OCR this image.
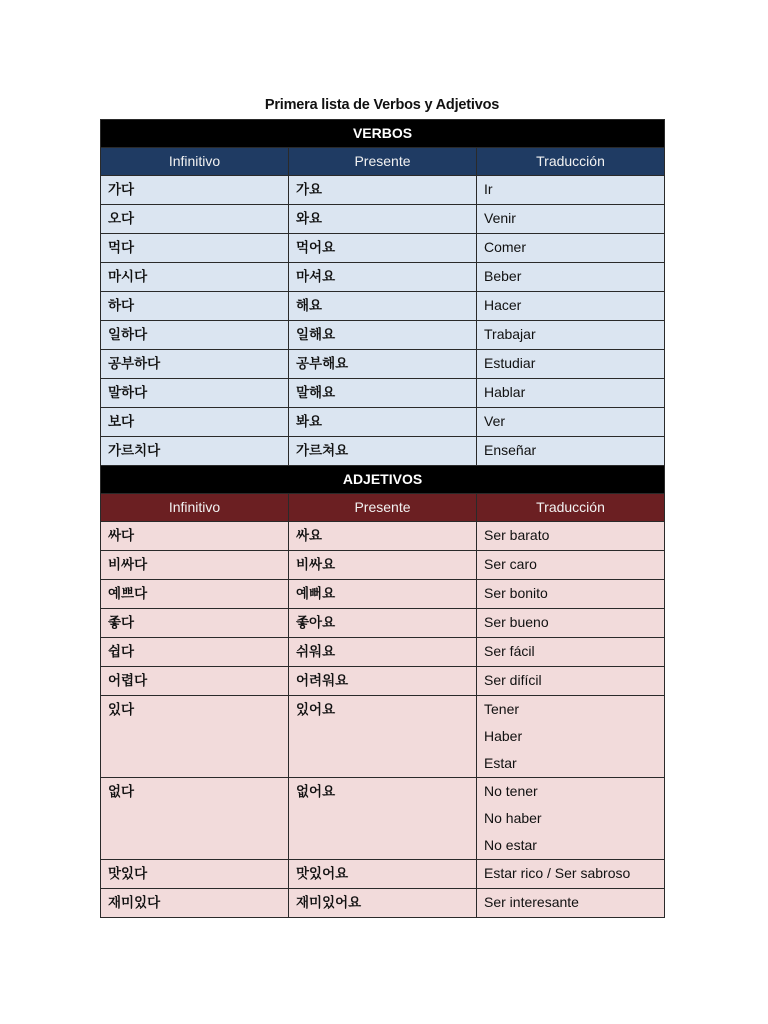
Primera lista de Verbos y Adjetivos
VERBOS		
Infinitivo	Presente	Traducción
가다	가요	Ir

오다	와요	Venir

먹다	먹어요	Comer

마시다	마셔요	Beber

하다	해요	Hacer

일하다	일해요	Trabajar

공부하다	공부해요	Estudiar

말하다	말해요	Hablar

보다	봐요	Ver

가르치다	가르쳐요	Enseñar

ADJETIVOS		
Infinitivo	Presente	Traducción
싸다	싸요	Ser barato

비싸다	비싸요	Ser caro

예쁘다	예뻐요	Ser bonito

좋다	좋아요	Ser bueno

쉽다	쉬워요	Ser fácil

어렵다	어려워요	Ser difícil

있다	있어요	Tener
Haber
Estar

없다	없어요	No tener
No haber
No estar

맛있다	맛있어요	Estar rico / Ser sabroso

재미있다	재미있어요	Ser interesante
